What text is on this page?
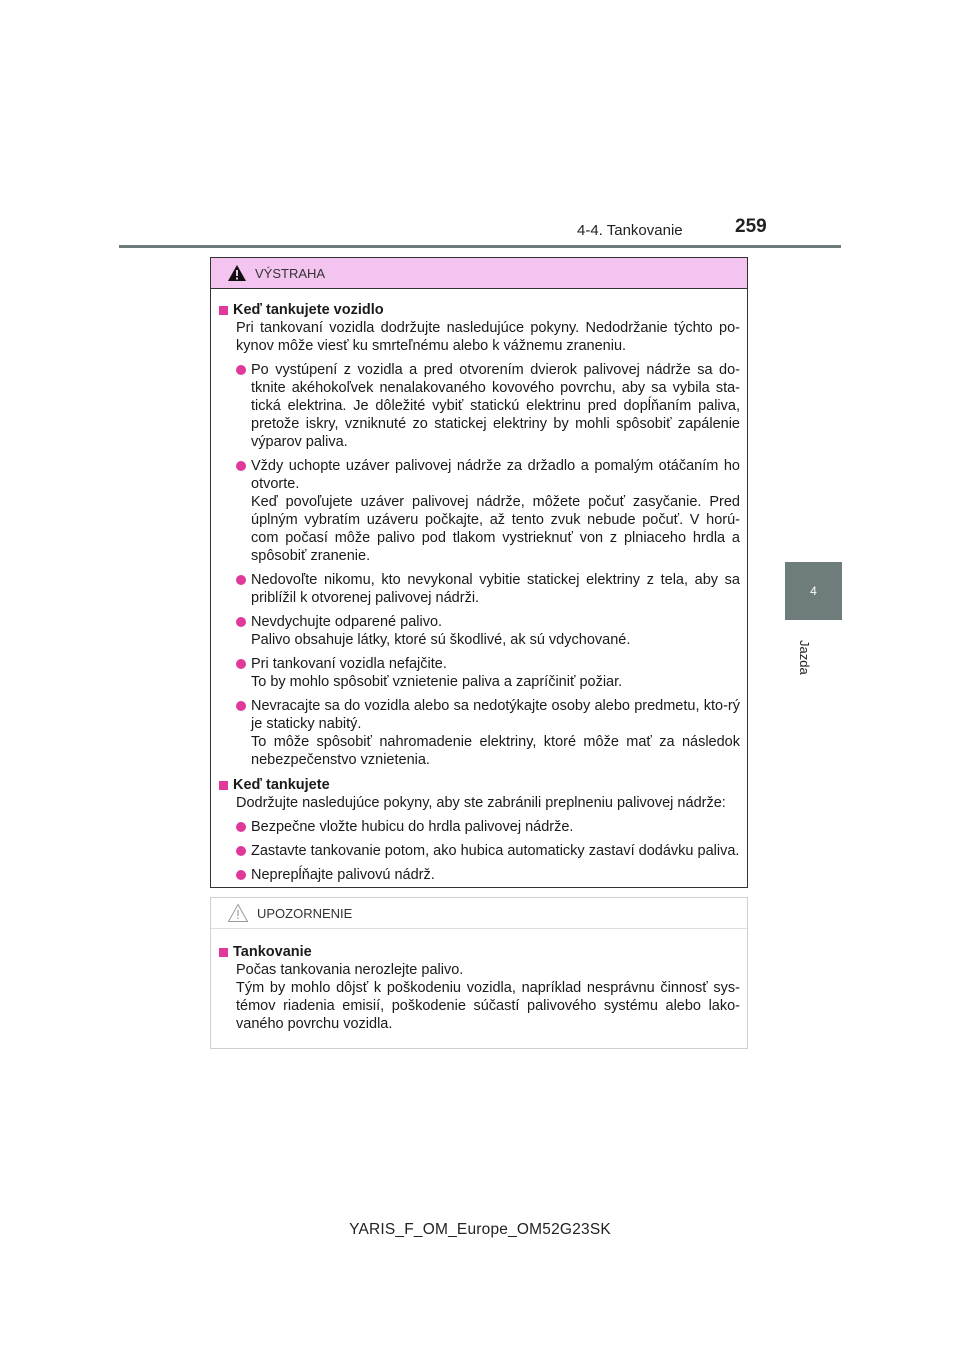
4-4. Tankovanie	259
4
Jazda
VÝSTRAHA
Keď tankujete vozidlo
Pri tankovaní vozidla dodržujte nasledujúce pokyny. Nedodržanie týchto po-kynov môže viesť ku smrteľnému alebo k vážnemu zraneniu.
Po vystúpení z vozidla a pred otvorením dvierok palivovej nádrže sa do-tknite akéhokoľvek nenalakovaného kovového povrchu, aby sa vybila sta-tická elektrina. Je dôležité vybiť statickú elektrinu pred dopĺňaním paliva, pretože iskry, vzniknuté zo statickej elektriny by mohli spôsobiť zapálenie výparov paliva.
Vždy uchopte uzáver palivovej nádrže za držadlo a pomalým otáčaním ho otvorte.
Keď povoľujete uzáver palivovej nádrže, môžete počuť zasyčanie. Pred úplným vybratím uzáveru počkajte, až tento zvuk nebude počuť. V horú-com počasí môže palivo pod tlakom vystrieknuť von z plniaceho hrdla a spôsobiť zranenie.
Nedovoľte nikomu, kto nevykonal vybitie statickej elektriny z tela, aby sa priblížil k otvorenej palivovej nádrži.
Nevdychujte odparené palivo.
Palivo obsahuje látky, ktoré sú škodlivé, ak sú vdychované.
Pri tankovaní vozidla nefajčite.
To by mohlo spôsobiť vznietenie paliva a zapríčiniť požiar.
Nevracajte sa do vozidla alebo sa nedotýkajte osoby alebo predmetu, kto-rý je staticky nabitý.
To môže spôsobiť nahromadenie elektriny, ktoré môže mať za následok nebezpečenstvo vznietenia.
Keď tankujete
Dodržujte nasledujúce pokyny, aby ste zabránili preplneniu palivovej nádrže:
Bezpečne vložte hubicu do hrdla palivovej nádrže.
Zastavte tankovanie potom, ako hubica automaticky zastaví dodávku paliva.
Neprepĺňajte palivovú nádrž.
UPOZORNENIE
Tankovanie
Počas tankovania nerozlejte palivo.
Tým by mohlo dôjsť k poškodeniu vozidla, napríklad nesprávnu činnosť sys-témov riadenia emisií, poškodenie súčastí palivového systému alebo lako-vaného povrchu vozidla.
YARIS_F_OM_Europe_OM52G23SK
